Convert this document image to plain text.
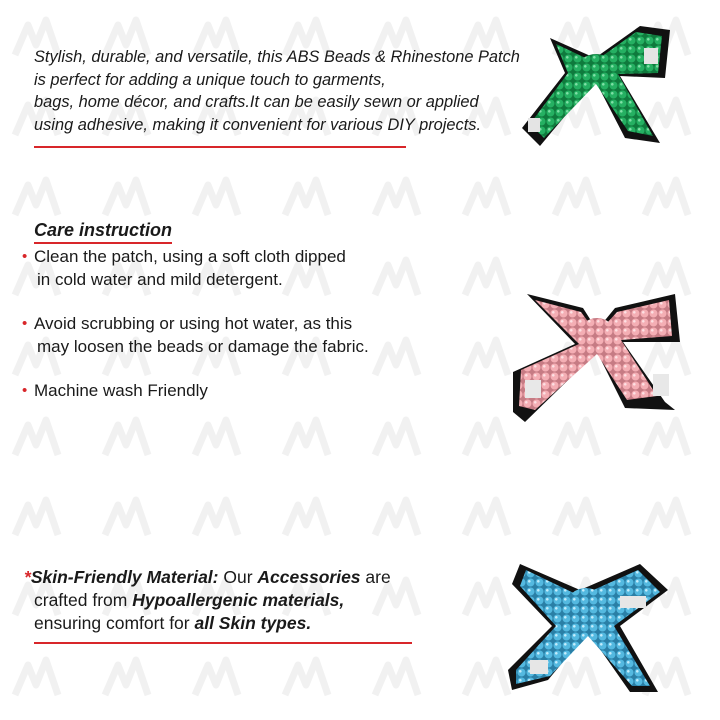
Stylish, durable, and versatile, this ABS Beads & Rhinestone Patch

is perfect for adding a unique touch to garments,

bags, home décor, and crafts.It can be easily sewn or applied

using adhesive, making it convenient for various DIY projects.

Care instruction
• Clean the patch, using a soft cloth dipped
in cold water and mild detergent.
• Avoid scrubbing or using hot water, as this
may loosen the beads or damage the fabric.
• Machine wash Friendly
*Skin-Friendly Material: Our Accessories are
crafted from Hypoallergenic materials,
ensuring comfort for all Skin types.
